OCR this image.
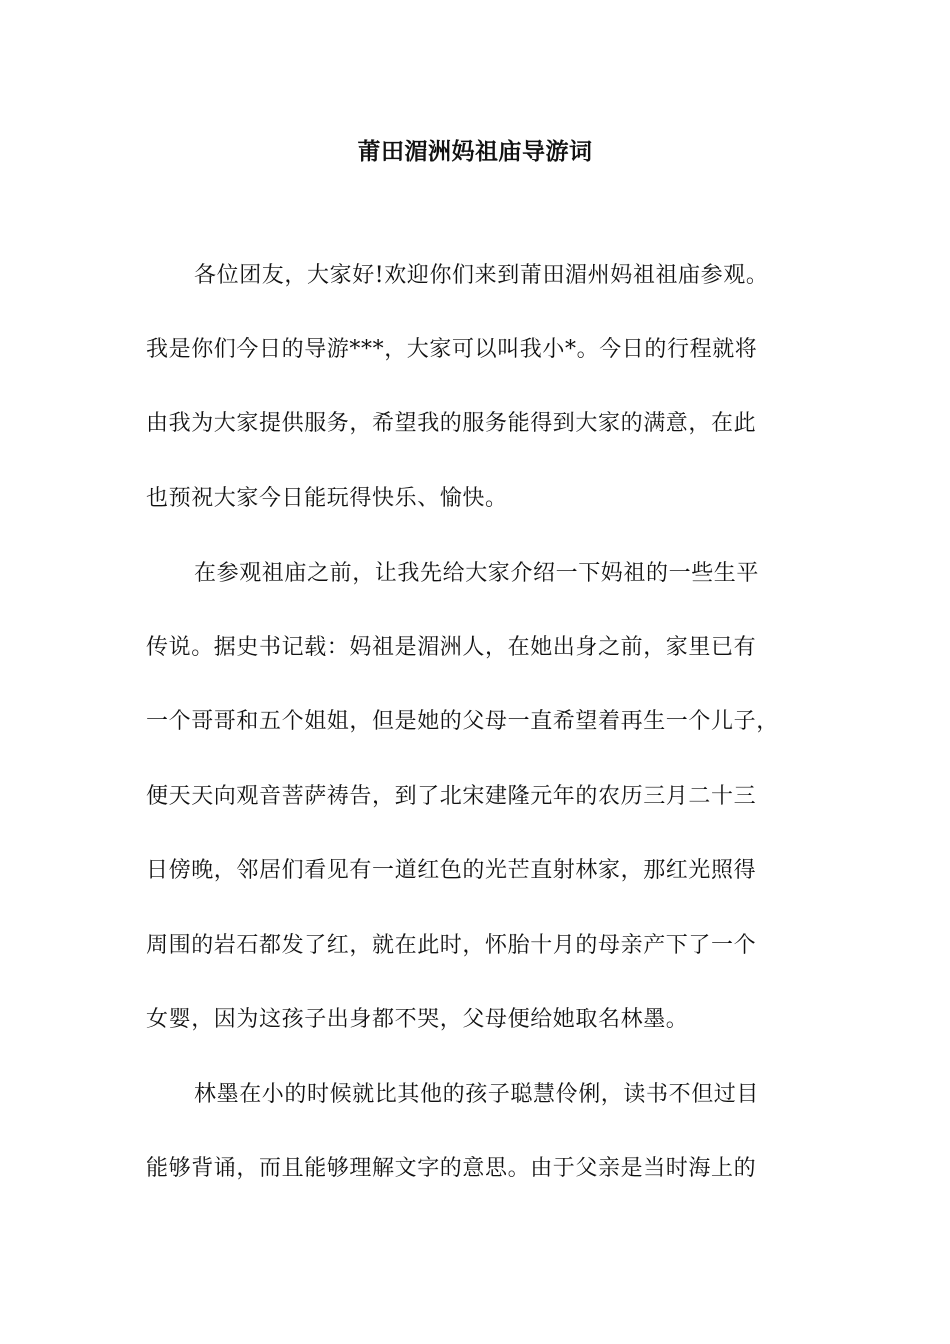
莆田湄洲妈祖庙导游词
各位团友，大家好!欢迎你们来到莆田湄州妈祖祖庙参观。
我是你们今日的导游***，大家可以叫我小*。今日的行程就将
由我为大家提供服务，希望我的服务能得到大家的满意，在此
也预祝大家今日能玩得快乐、愉快。
在参观祖庙之前，让我先给大家介绍一下妈祖的一些生平
传说。据史书记载：妈祖是湄洲人，在她出身之前，家里已有
一个哥哥和五个姐姐，但是她的父母一直希望着再生一个儿子，
便天天向观音菩萨祷告，到了北宋建隆元年的农历三月二十三
日傍晚，邻居们看见有一道红色的光芒直射林家，那红光照得
周围的岩石都发了红，就在此时，怀胎十月的母亲产下了一个
女婴，因为这孩子出身都不哭，父母便给她取名林墨。
林墨在小的时候就比其他的孩子聪慧伶俐，读书不但过目
能够背诵，而且能够理解文字的意思。由于父亲是当时海上的
